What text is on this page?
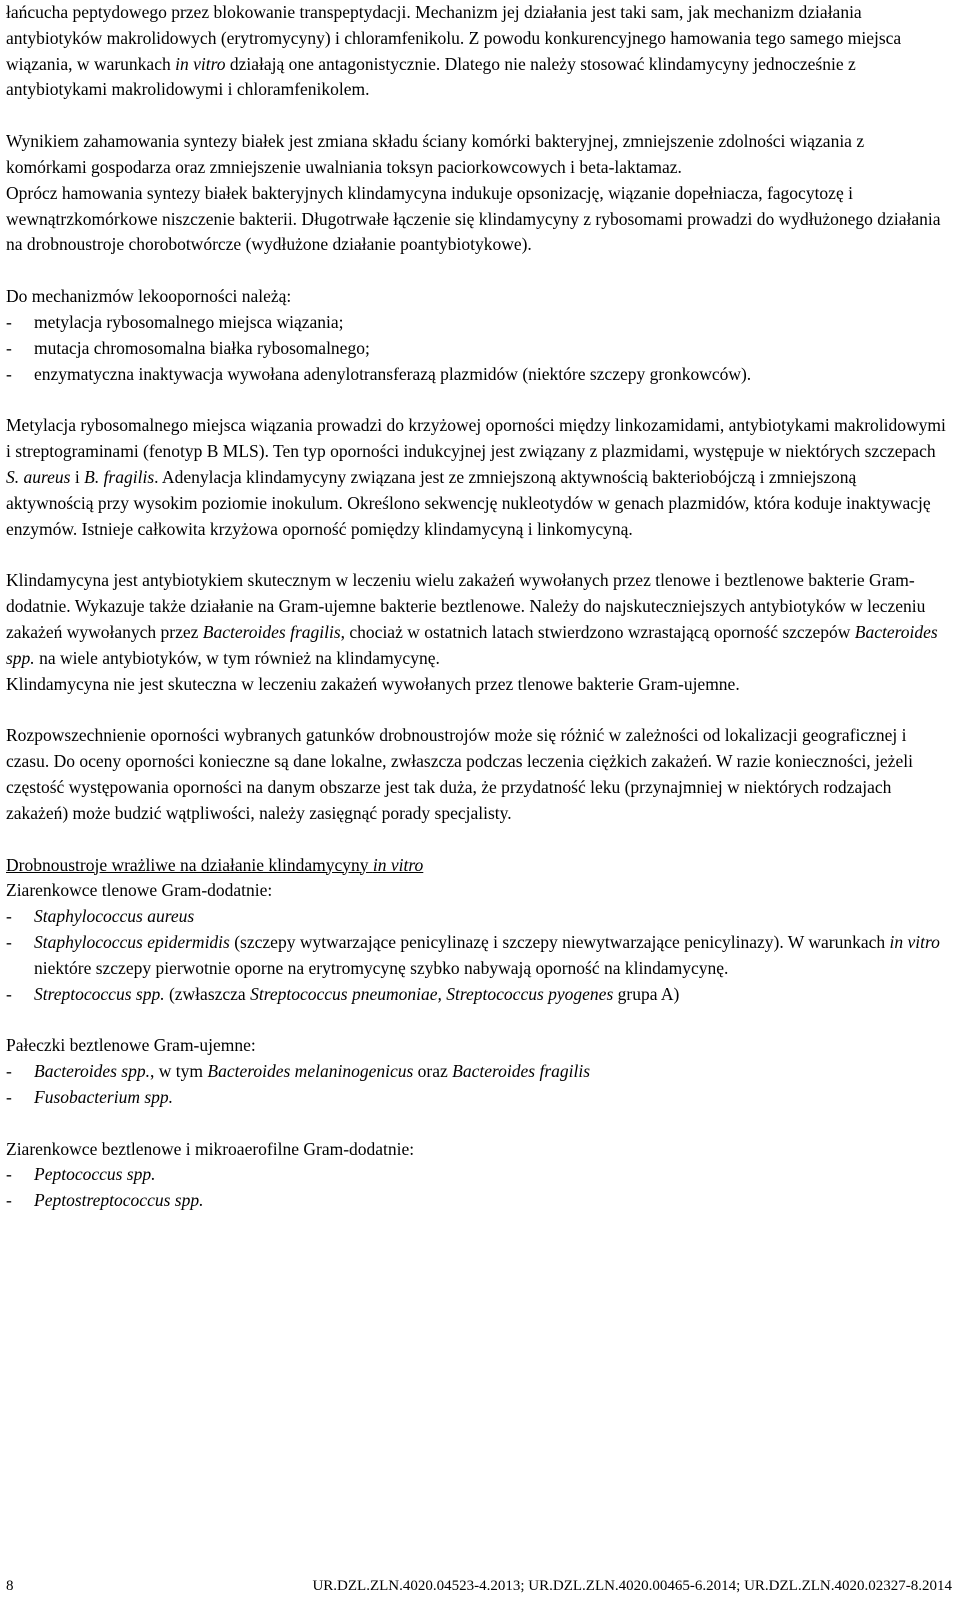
łańcucha peptydowego przez blokowanie transpeptydacji. Mechanizm jej działania jest taki sam, jak mechanizm działania antybiotyków makrolidowych (erytromycyny) i chloramfenikolu. Z powodu konkurencyjnego hamowania tego samego miejsca wiązania, w warunkach in vitro działają one antagonistycznie. Dlatego nie należy stosować klindamycyny jednocześnie z antybiotykami makrolidowymi i chloramfenikolem.

Wynikiem zahamowania syntezy białek jest zmiana składu ściany komórki bakteryjnej, zmniejszenie zdolności wiązania z komórkami gospodarza oraz zmniejszenie uwalniania toksyn paciorkowcowych i beta-laktamaz.

Oprócz hamowania syntezy białek bakteryjnych klindamycyna indukuje opsonizację, wiązanie dopełniacza, fagocytozę i wewnątrzkomórkowe niszczenie bakterii. Długotrwałe łączenie się klindamycyny z rybosomami prowadzi do wydłużonego działania na drobnoustroje chorobotwórcze (wydłużone działanie poantybiotykowe).

Do mechanizmów lekooporności należą:

-	metylacja rybosomalnego miejsca wiązania;
-	mutacja chromosomalna białka rybosomalnego;

- enzymatyczna inaktywacja wywołana adenylotransferazą plazmidów (niektóre szczepy gronkowców).

Metylacja rybosomalnego miejsca wiązania prowadzi do krzyżowej oporności między linkozamidami, antybiotykami makrolidowymi i streptograminami (fenotyp B MLS). Ten typ oporności indukcyjnej jest związany z plazmidami, występuje w niektórych szczepach S. aureus i B. fragilis. Adenylacja klindamycyny związana jest ze zmniejszoną aktywnością bakteriobójczą i zmniejszoną aktywnością przy wysokim poziomie inokulum. Określono sekwencję nukleotydów w genach plazmidów, która koduje inaktywację enzymów. Istnieje całkowita krzyżowa oporność pomiędzy klindamycyną i linkomycyną.

Klindamycyna jest antybiotykiem skutecznym w leczeniu wielu zakażeń wywołanych przez tlenowe i beztlenowe bakterie Gram-dodatnie. Wykazuje także działanie na Gram-ujemne bakterie beztlenowe. Należy do najskuteczniejszych antybiotyków w leczeniu zakażeń wywołanych przez Bacteroides fragilis, chociaż w ostatnich latach stwierdzono wzrastającą oporność szczepów Bacteroides spp. na wiele antybiotyków, w tym również na klindamycynę.

Klindamycyna nie jest skuteczna w leczeniu zakażeń wywołanych przez tlenowe bakterie Gram-ujemne.

Rozpowszechnienie oporności wybranych gatunków drobnoustrojów może się różnić w zależności od lokalizacji geograficznej i czasu. Do oceny oporności konieczne są dane lokalne, zwłaszcza podczas leczenia ciężkich zakażeń. W razie konieczności, jeżeli częstość występowania oporności na danym obszarze jest tak duża, że przydatność leku (przynajmniej w niektórych rodzajach zakażeń) może budzić wątpliwości, należy zasięgnąć porady specjalisty.

Drobnoustroje wrażliwe na działanie klindamycyny in vitro

Ziarenkowce tlenowe Gram-dodatnie:

-	Staphylococcus aureus
-	Staphylococcus epidermidis (szczepy wytwarzające penicylinazę i szczepy niewytwarzające penicylinazy). W warunkach in vitro niektóre szczepy pierwotnie oporne na erytromycynę szybko nabywają oporność na klindamycynę.
-	Streptococcus spp. (zwłaszcza Streptococcus pneumoniae, Streptococcus pyogenes grupa A)

Pałeczki beztlenowe Gram-ujemne:

-	Bacteroides spp., w tym Bacteroides melaninogenicus oraz Bacteroides fragilis
-	Fusobacterium spp.

Ziarenkowce beztlenowe i mikroaerofilne Gram-dodatnie:

-	Peptococcus spp.
-	Peptostreptococcus spp.
8	UR.DZL.ZLN.4020.04523-4.2013; UR.DZL.ZLN.4020.00465-6.2014; UR.DZL.ZLN.4020.02327-8.2014
